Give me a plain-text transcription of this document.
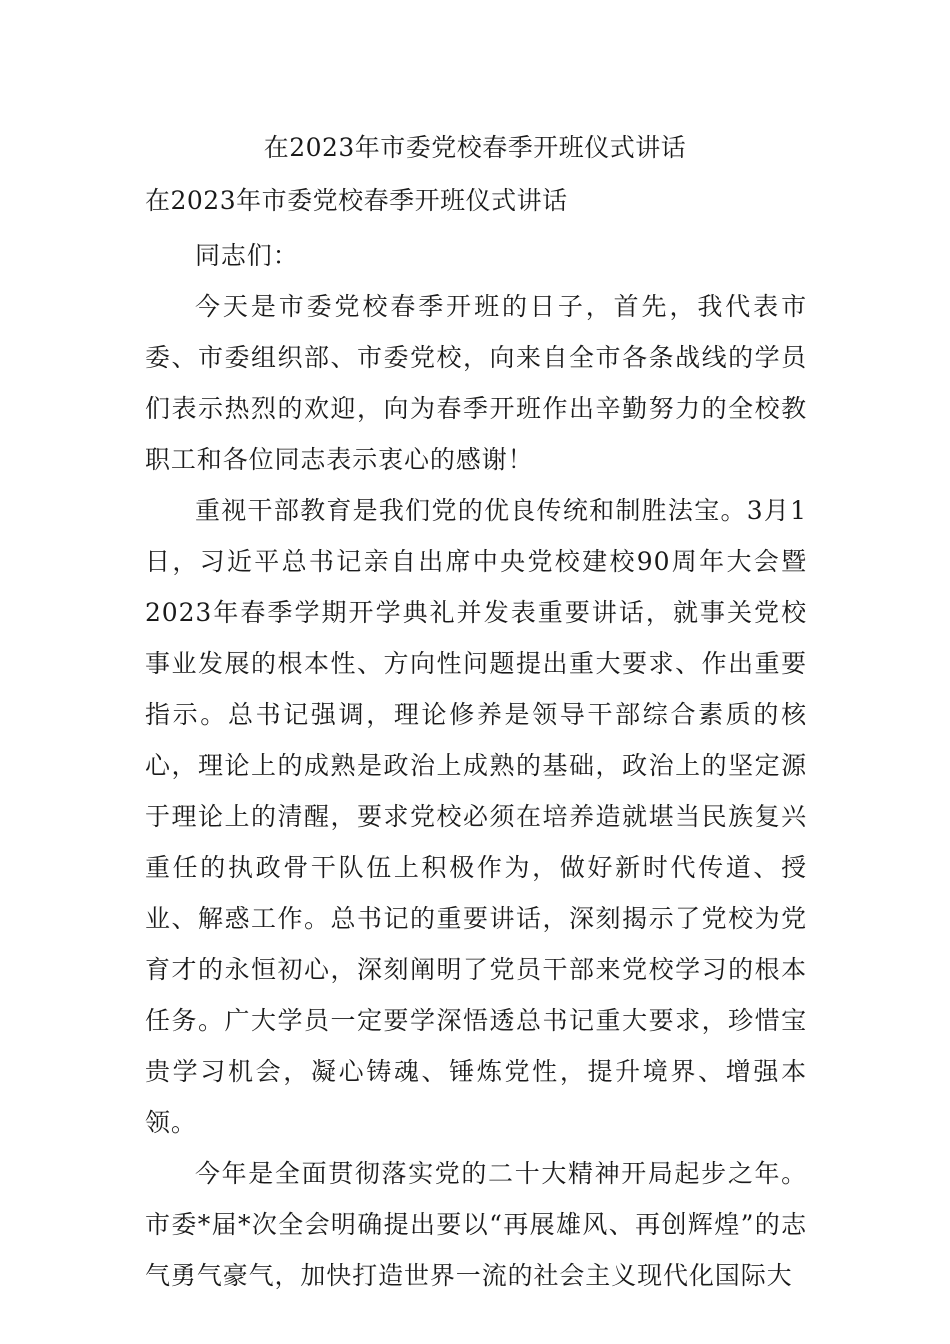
在2023年市委党校春季开班仪式讲话
在2023年市委党校春季开班仪式讲话

同志们：

今天是市委党校春季开班的日子，首先，我代表市委、市委组织部、市委党校，向来自全市各条战线的学员们表示热烈的欢迎，向为春季开班作出辛勤努力的全校教职工和各位同志表示衷心的感谢！

重视干部教育是我们党的优良传统和制胜法宝。3月1日，习近平总书记亲自出席中央党校建校90周年大会暨2023年春季学期开学典礼并发表重要讲话，就事关党校事业发展的根本性、方向性问题提出重大要求、作出重要指示。总书记强调，理论修养是领导干部综合素质的核心，理论上的成熟是政治上成熟的基础，政治上的坚定源于理论上的清醒，要求党校必须在培养造就堪当民族复兴重任的执政骨干队伍上积极作为，做好新时代传道、授业、解惑工作。总书记的重要讲话，深刻揭示了党校为党育才的永恒初心，深刻阐明了党员干部来党校学习的根本任务。广大学员一定要学深悟透总书记重大要求，珍惜宝贵学习机会，凝心铸魂、锤炼党性，提升境界、增强本领。

今年是全面贯彻落实党的二十大精神开局起步之年。市委*届*次全会明确提出要以“再展雄风、再创辉煌”的志气勇气豪气，加快打造世界一流的社会主义现代化国际大
